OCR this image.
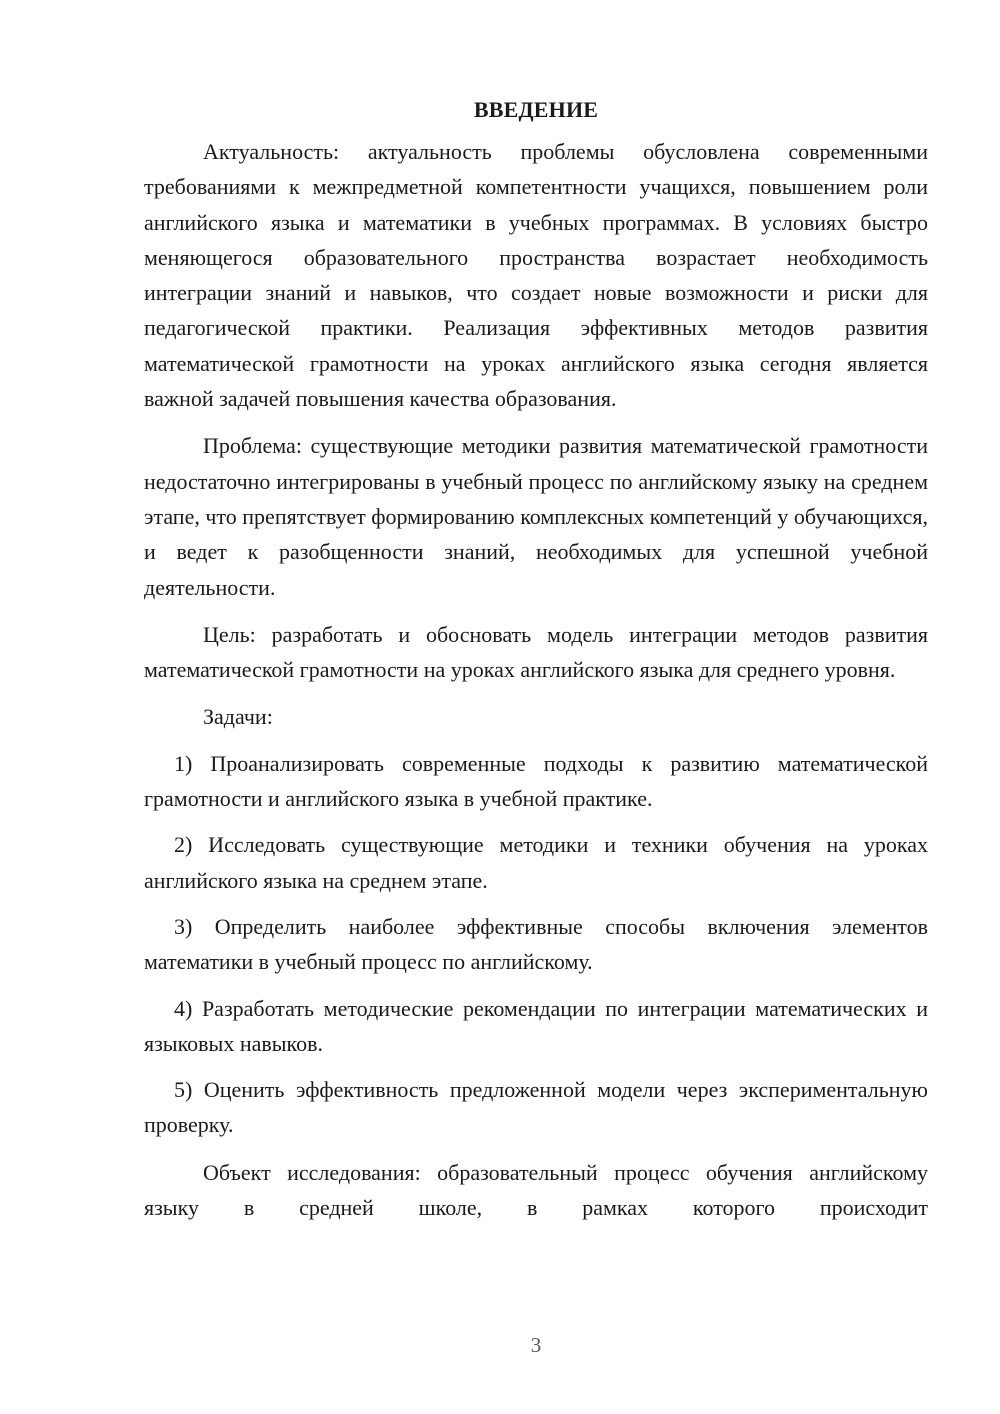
ВВЕДЕНИЕ

Актуальность: актуальность проблемы обусловлена современными требованиями к межпредметной компетентности учащихся, повышением роли английского языка и математики в учебных программах. В условиях быстро меняющегося образовательного пространства возрастает необходимость интеграции знаний и навыков, что создает новые возможности и риски для педагогической практики. Реализация эффективных методов развития математической грамотности на уроках английского языка сегодня является важной задачей повышения качества образования.

Проблема: существующие методики развития математической грамотности недостаточно интегрированы в учебный процесс по английскому языку на среднем этапе, что препятствует формированию комплексных компетенций у обучающихся, и ведет к разобщенности знаний, необходимых для успешной учебной деятельности.

Цель: разработать и обосновать модель интеграции методов развития математической грамотности на уроках английского языка для среднего уровня.

Задачи:

1) Проанализировать современные подходы к развитию математической грамотности и английского языка в учебной практике.

2) Исследовать существующие методики и техники обучения на уроках английского языка на среднем этапе.

3) Определить наиболее эффективные способы включения элементов математики в учебный процесс по английскому.

4) Разработать методические рекомендации по интеграции математических и языковых навыков.

5) Оценить эффективность предложенной модели через экспериментальную проверку.

Объект исследования: образовательный процесс обучения английскому языку в средней школе, в рамках которого происходит

3
